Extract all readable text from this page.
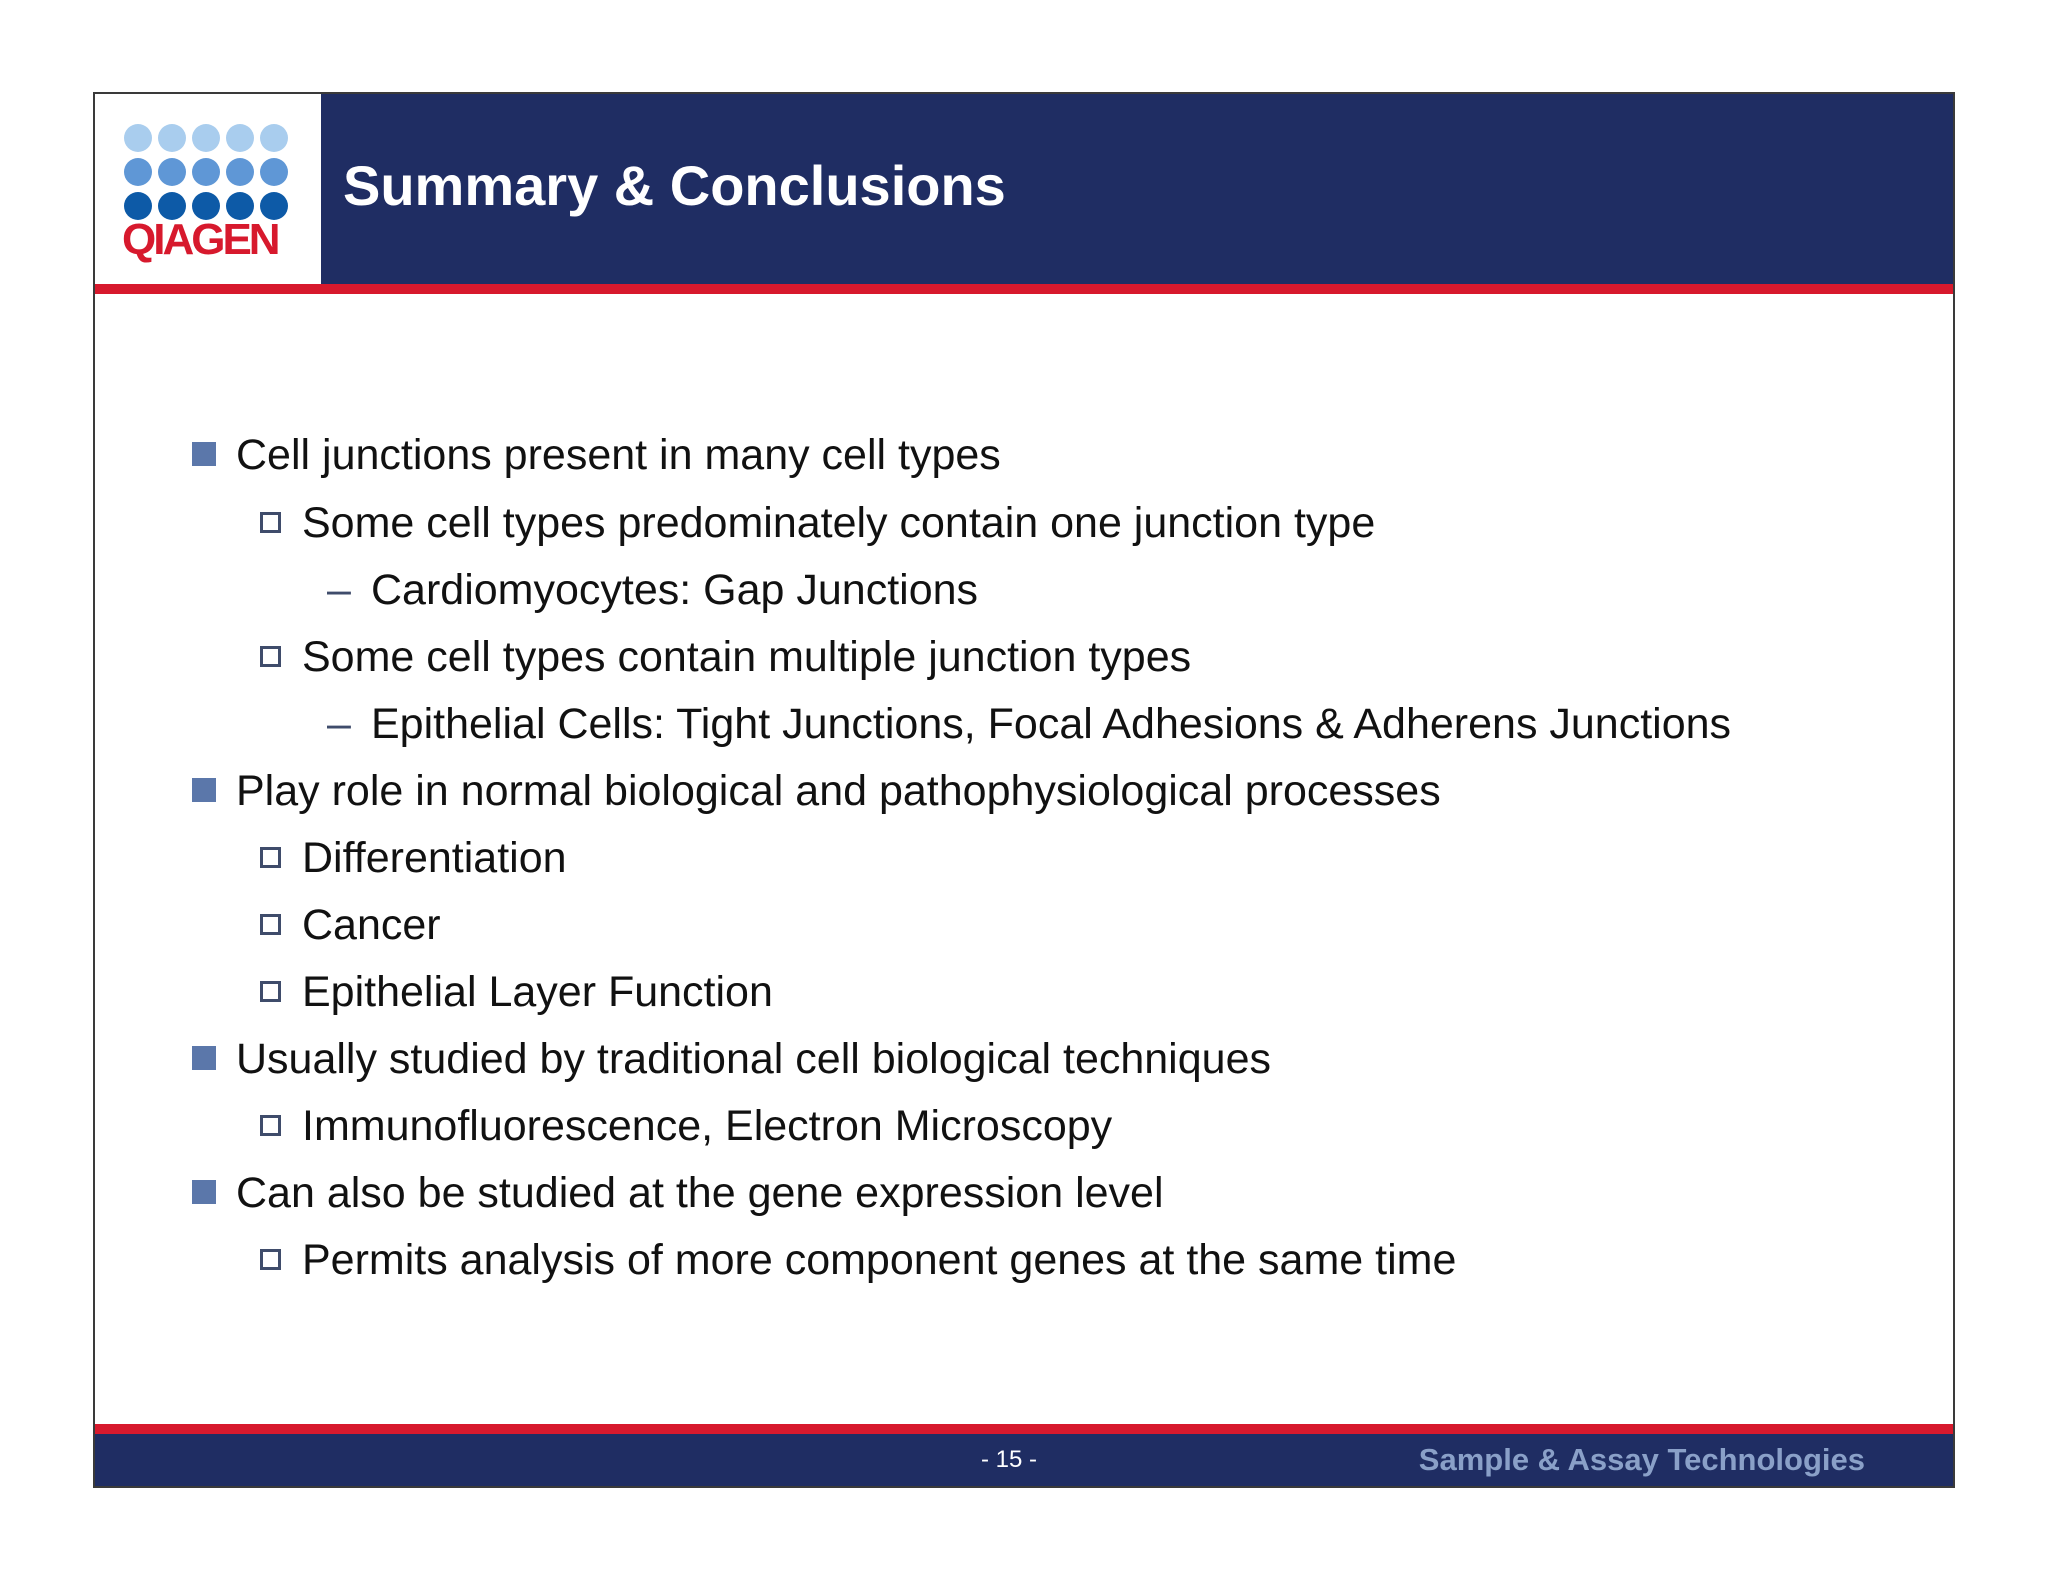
QIAGEN
Summary & Conclusions
Cell junctions present in many cell types
Some cell types predominately contain one junction type
– Cardiomyocytes: Gap Junctions
Some cell types contain multiple junction types
– Epithelial Cells: Tight Junctions, Focal Adhesions & Adherens Junctions
Play role in normal biological and pathophysiological processes
Differentiation
Cancer
Epithelial Layer Function
Usually studied by traditional cell biological techniques
Immunofluorescence, Electron Microscopy
Can also be studied at the gene expression level
Permits analysis of more component genes at the same time
- 15 -	Sample & Assay Technologies
